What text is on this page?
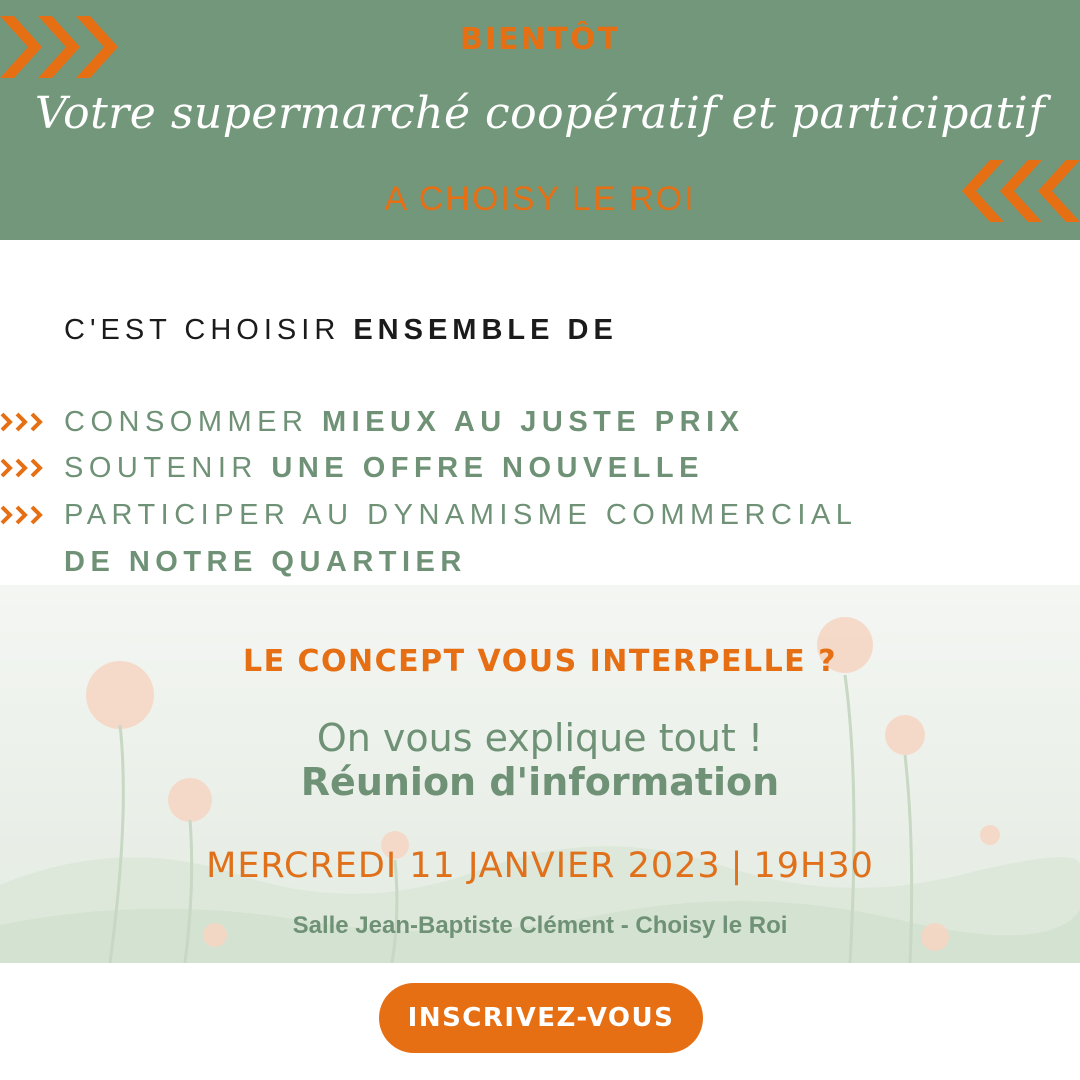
BIENTÔT
Votre supermarché coopératif et participatif
A CHOISY LE ROI
C'EST CHOISIR ENSEMBLE DE
CONSOMMER MIEUX AU JUSTE PRIX
SOUTENIR UNE OFFRE NOUVELLE
PARTICIPER AU DYNAMISME COMMERCIAL
DE NOTRE QUARTIER
LE CONCEPT VOUS INTERPELLE ?
On vous explique tout !
Réunion d'information
MERCREDI 11 JANVIER 2023 | 19H30
Salle Jean-Baptiste Clément - Choisy le Roi
INSCRIVEZ-VOUS
